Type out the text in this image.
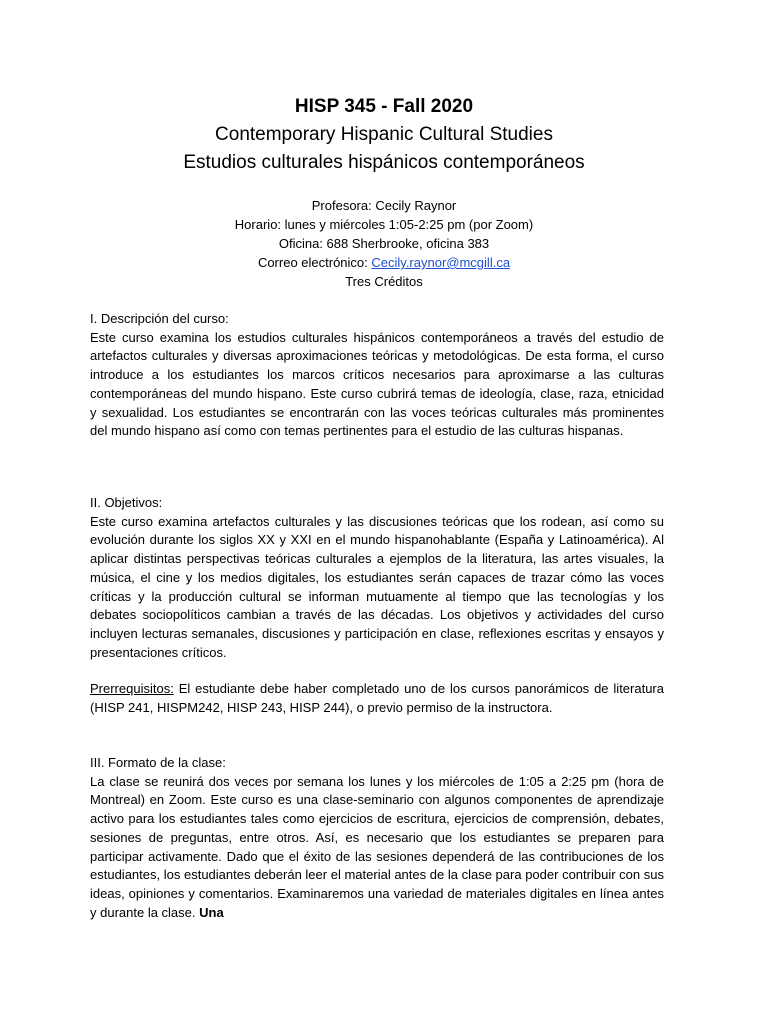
HISP 345 - Fall 2020
Contemporary Hispanic Cultural Studies
Estudios culturales hispánicos contemporáneos
Profesora: Cecily Raynor
Horario: lunes y miércoles 1:05-2:25 pm (por Zoom)
Oficina: 688 Sherbrooke, oficina 383
Correo electrónico: Cecily.raynor@mcgill.ca
Tres Créditos
I. Descripción del curso:

Este curso examina los estudios culturales hispánicos contemporáneos a través del estudio de artefactos culturales y diversas aproximaciones teóricas y metodológicas. De esta forma, el curso introduce a los estudiantes los marcos críticos necesarios para aproximarse a las culturas contemporáneas del mundo hispano. Este curso cubrirá temas de ideología, clase, raza, etnicidad y sexualidad. Los estudiantes se encontrarán con las voces teóricas culturales más prominentes del mundo hispano así como con temas pertinentes para el estudio de las culturas hispanas.

II. Objetivos:

Este curso examina artefactos culturales y las discusiones teóricas que los rodean, así como su evolución durante los siglos XX y XXI en el mundo hispanohablante (España y Latinoamérica). Al aplicar distintas perspectivas teóricas culturales a ejemplos de la literatura, las artes visuales, la música, el cine y los medios digitales, los estudiantes serán capaces de trazar cómo las voces críticas y la producción cultural se informan mutuamente al tiempo que las tecnologías y los debates sociopolíticos cambian a través de las décadas. Los objetivos y actividades del curso incluyen lecturas semanales, discusiones y participación en clase, reflexiones escritas y ensayos y presentaciones críticos.

Prerrequisitos: El estudiante debe haber completado uno de los cursos panorámicos de literatura (HISP 241, HISPM242, HISP 243, HISP 244), o previo permiso de la instructora.

III. Formato de la clase:

La clase se reunirá dos veces por semana los lunes y los miércoles de 1:05 a 2:25 pm (hora de Montreal) en Zoom. Este curso es una clase-seminario con algunos componentes de aprendizaje activo para los estudiantes tales como ejercicios de escritura, ejercicios de comprensión, debates, sesiones de preguntas, entre otros. Así, es necesario que los estudiantes se preparen para participar activamente. Dado que el éxito de las sesiones dependerá de las contribuciones de los estudiantes, los estudiantes deberán leer el material antes de la clase para poder contribuir con sus ideas, opiniones y comentarios. Examinaremos una variedad de materiales digitales en línea antes y durante la clase. Una
